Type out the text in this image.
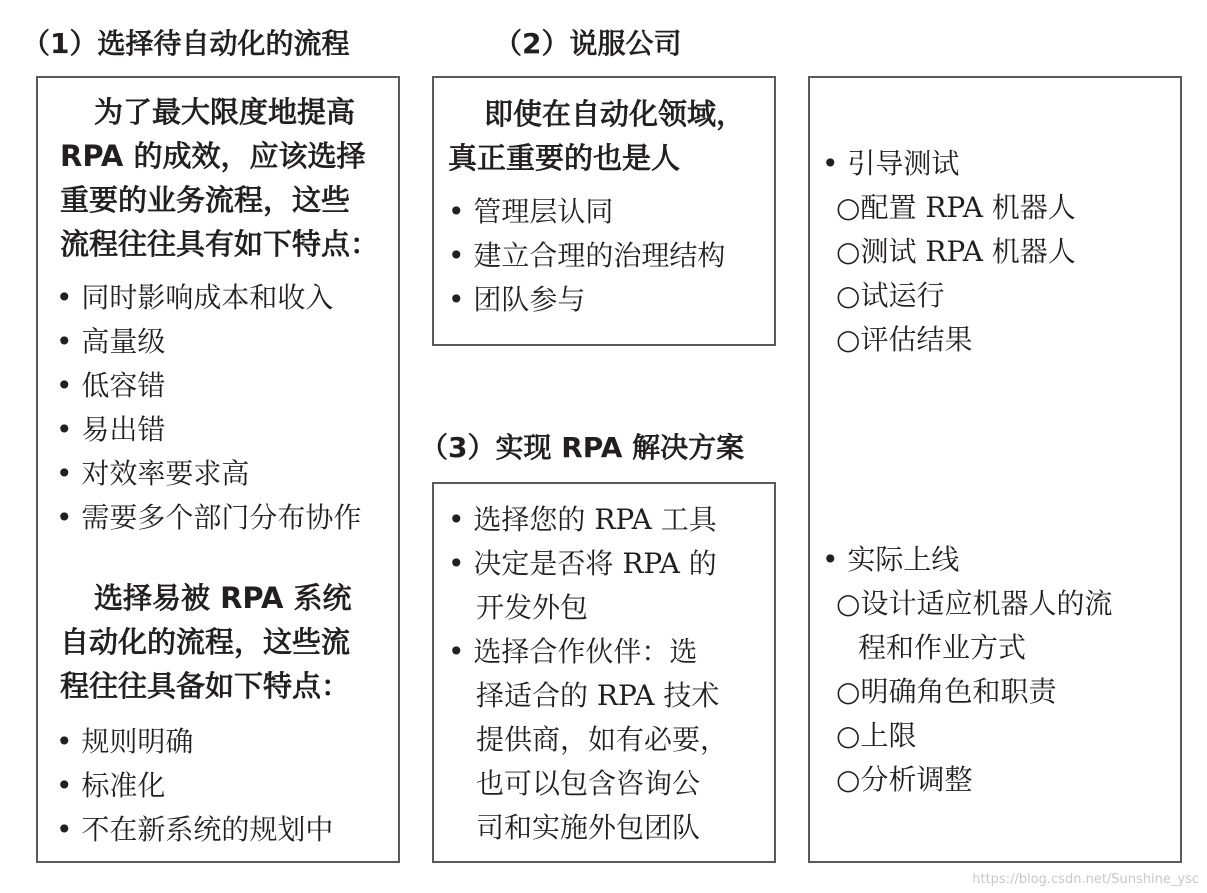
（1）选择待自动化的流程	（2）说服公司
（3）实现 RPA 解决方案
为了最大限度地提高
RPA 的成效，应该选择
重要的业务流程，这些
流程往往具有如下特点：
• 同时影响成本和收入
• 高量级
• 低容错
• 易出错
• 对效率要求高
• 需要多个部门分布协作
选择易被 RPA 系统
自动化的流程，这些流
程往往具备如下特点：
• 规则明确
• 标准化
• 不在新系统的规划中
即使在自动化领域，
真正重要的也是人
• 管理层认同
• 建立合理的治理结构
• 团队参与
• 选择您的 RPA 工具
• 决定是否将 RPA 的
开发外包
• 选择合作伙伴：选
择适合的 RPA 技术
提供商，如有必要，
也可以包含咨询公
司和实施外包团队
• 引导测试
○配置 RPA 机器人
○测试 RPA 机器人
○试运行
○评估结果
• 实际上线
○设计适应机器人的流
程和作业方式
○明确角色和职责
○上限
○分析调整
https://blog.csdn.net/Sunshine_ysc
